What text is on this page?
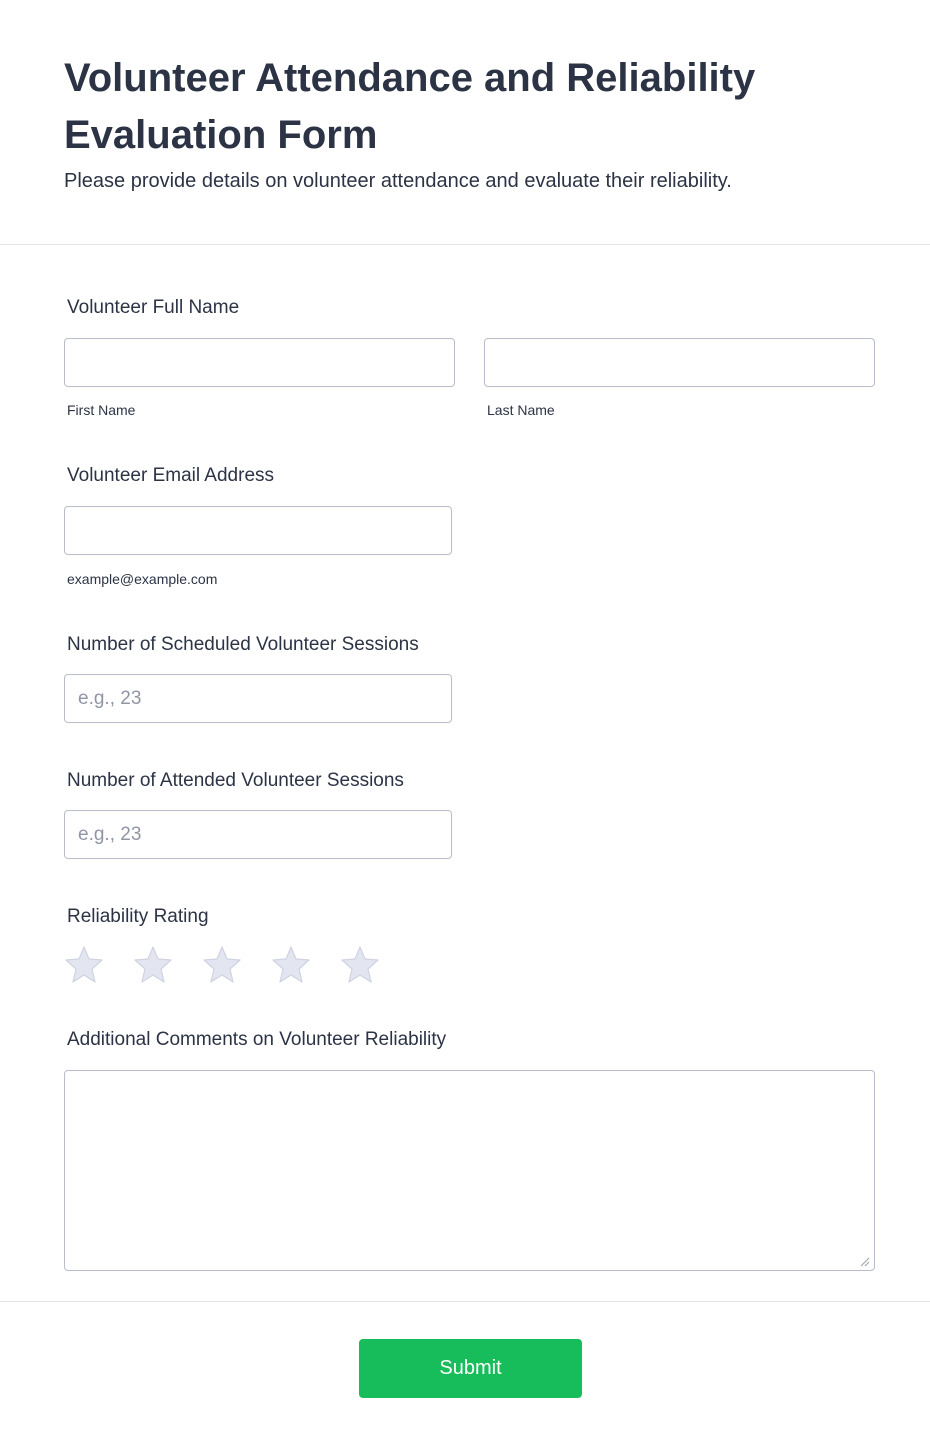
Volunteer Attendance and Reliability Evaluation Form

Please provide details on volunteer attendance and evaluate their reliability.

Volunteer Full Name
First Name	Last Name
Volunteer Email Address
example@example.com
Number of Scheduled Volunteer Sessions
e.g., 23
Number of Attended Volunteer Sessions
e.g., 23
Reliability Rating
Additional Comments on Volunteer Reliability
Submit
